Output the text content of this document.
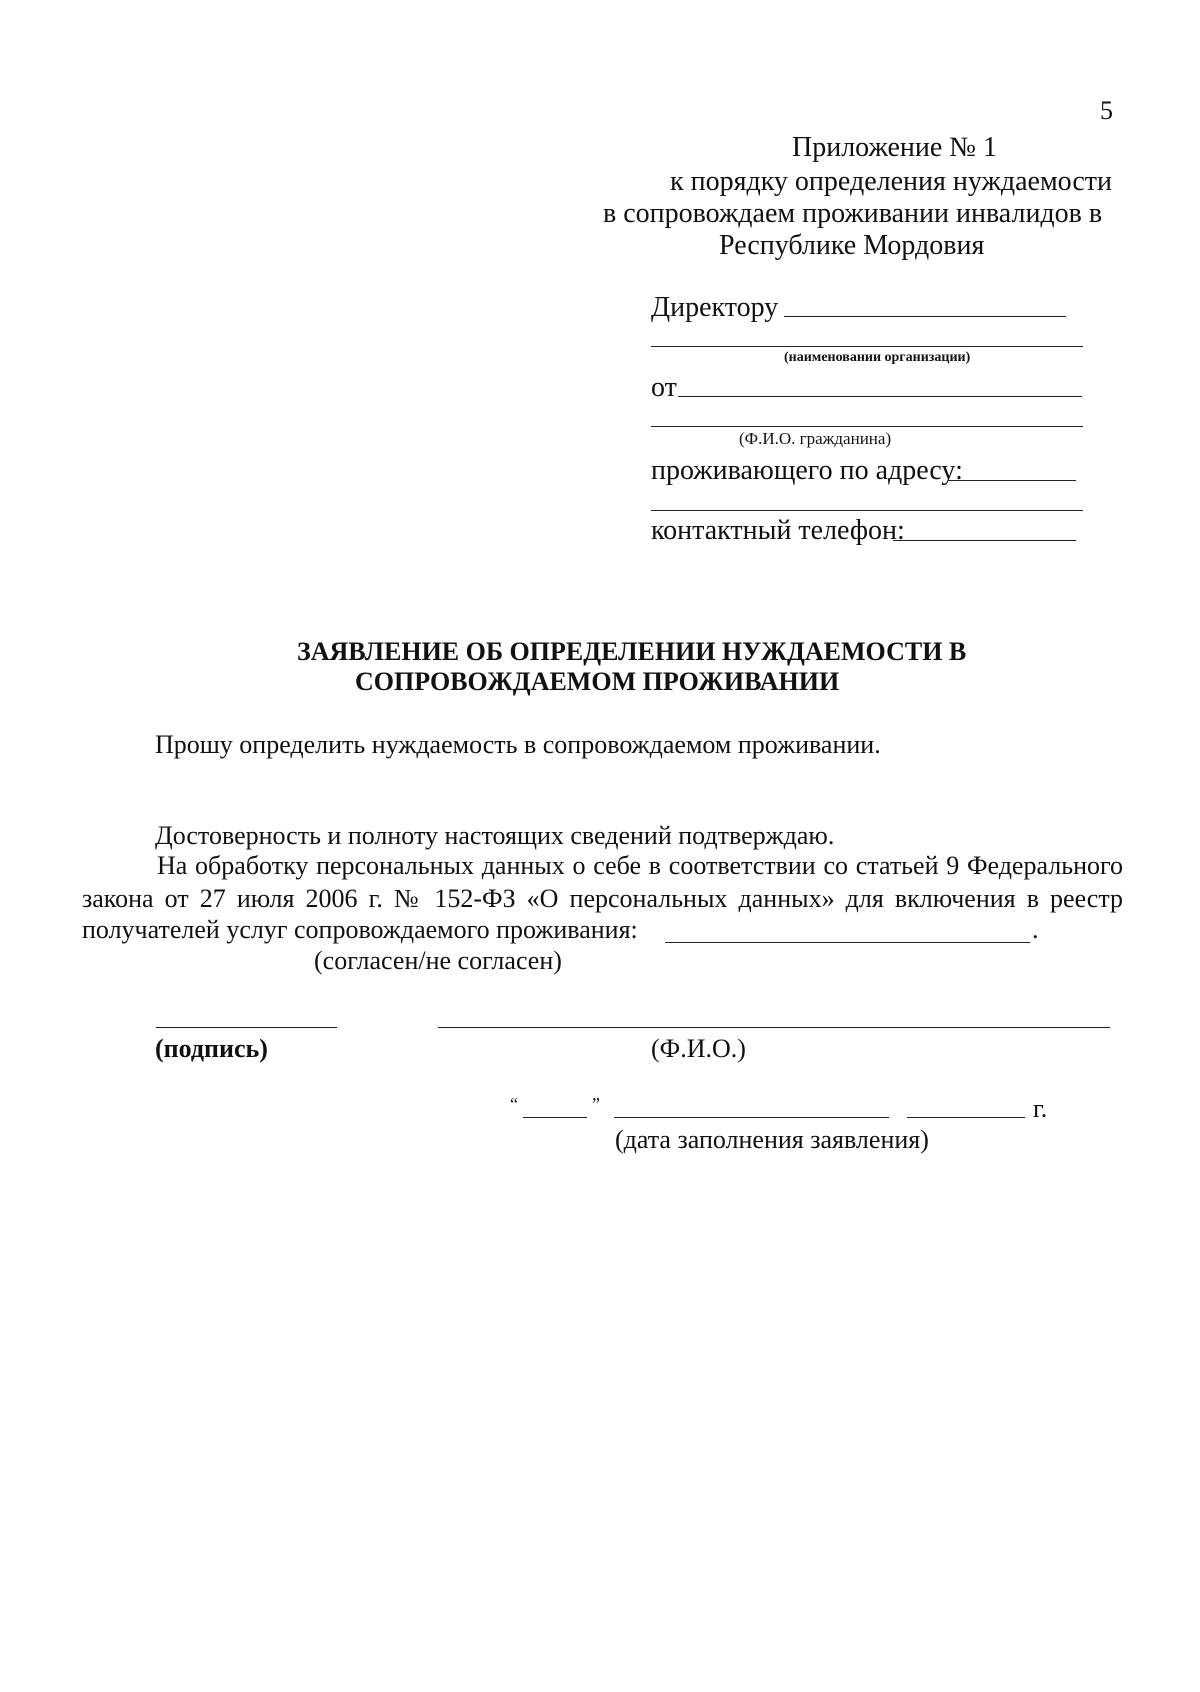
5
Приложение № 1
к порядку определения нуждаемости
в сопровождаем проживании инвалидов в
Республике Мордовия
Директору
(наименовании организации)
от
(Ф.И.О. гражданина)
проживающего по адресу:
контактный телефон:
ЗАЯВЛЕНИЕ ОБ ОПРЕДЕЛЕНИИ НУЖДАЕМОСТИ В
СОПРОВОЖДАЕМОМ ПРОЖИВАНИИ
Прошу определить нуждаемость в сопровождаемом проживании.
Достоверность и полноту настоящих сведений подтверждаю.
На обработку персональных данных о себе в соответствии со статьей 9 Федерального
закона от 27 июля 2006 г. № 152-ФЗ «О персональных данных» для включения в реестр
получателей услуг сопровождаемого проживания:	.
(согласен/не согласен)
(подпись)	(Ф.И.О.)
“	”	г.
(дата заполнения заявления)
